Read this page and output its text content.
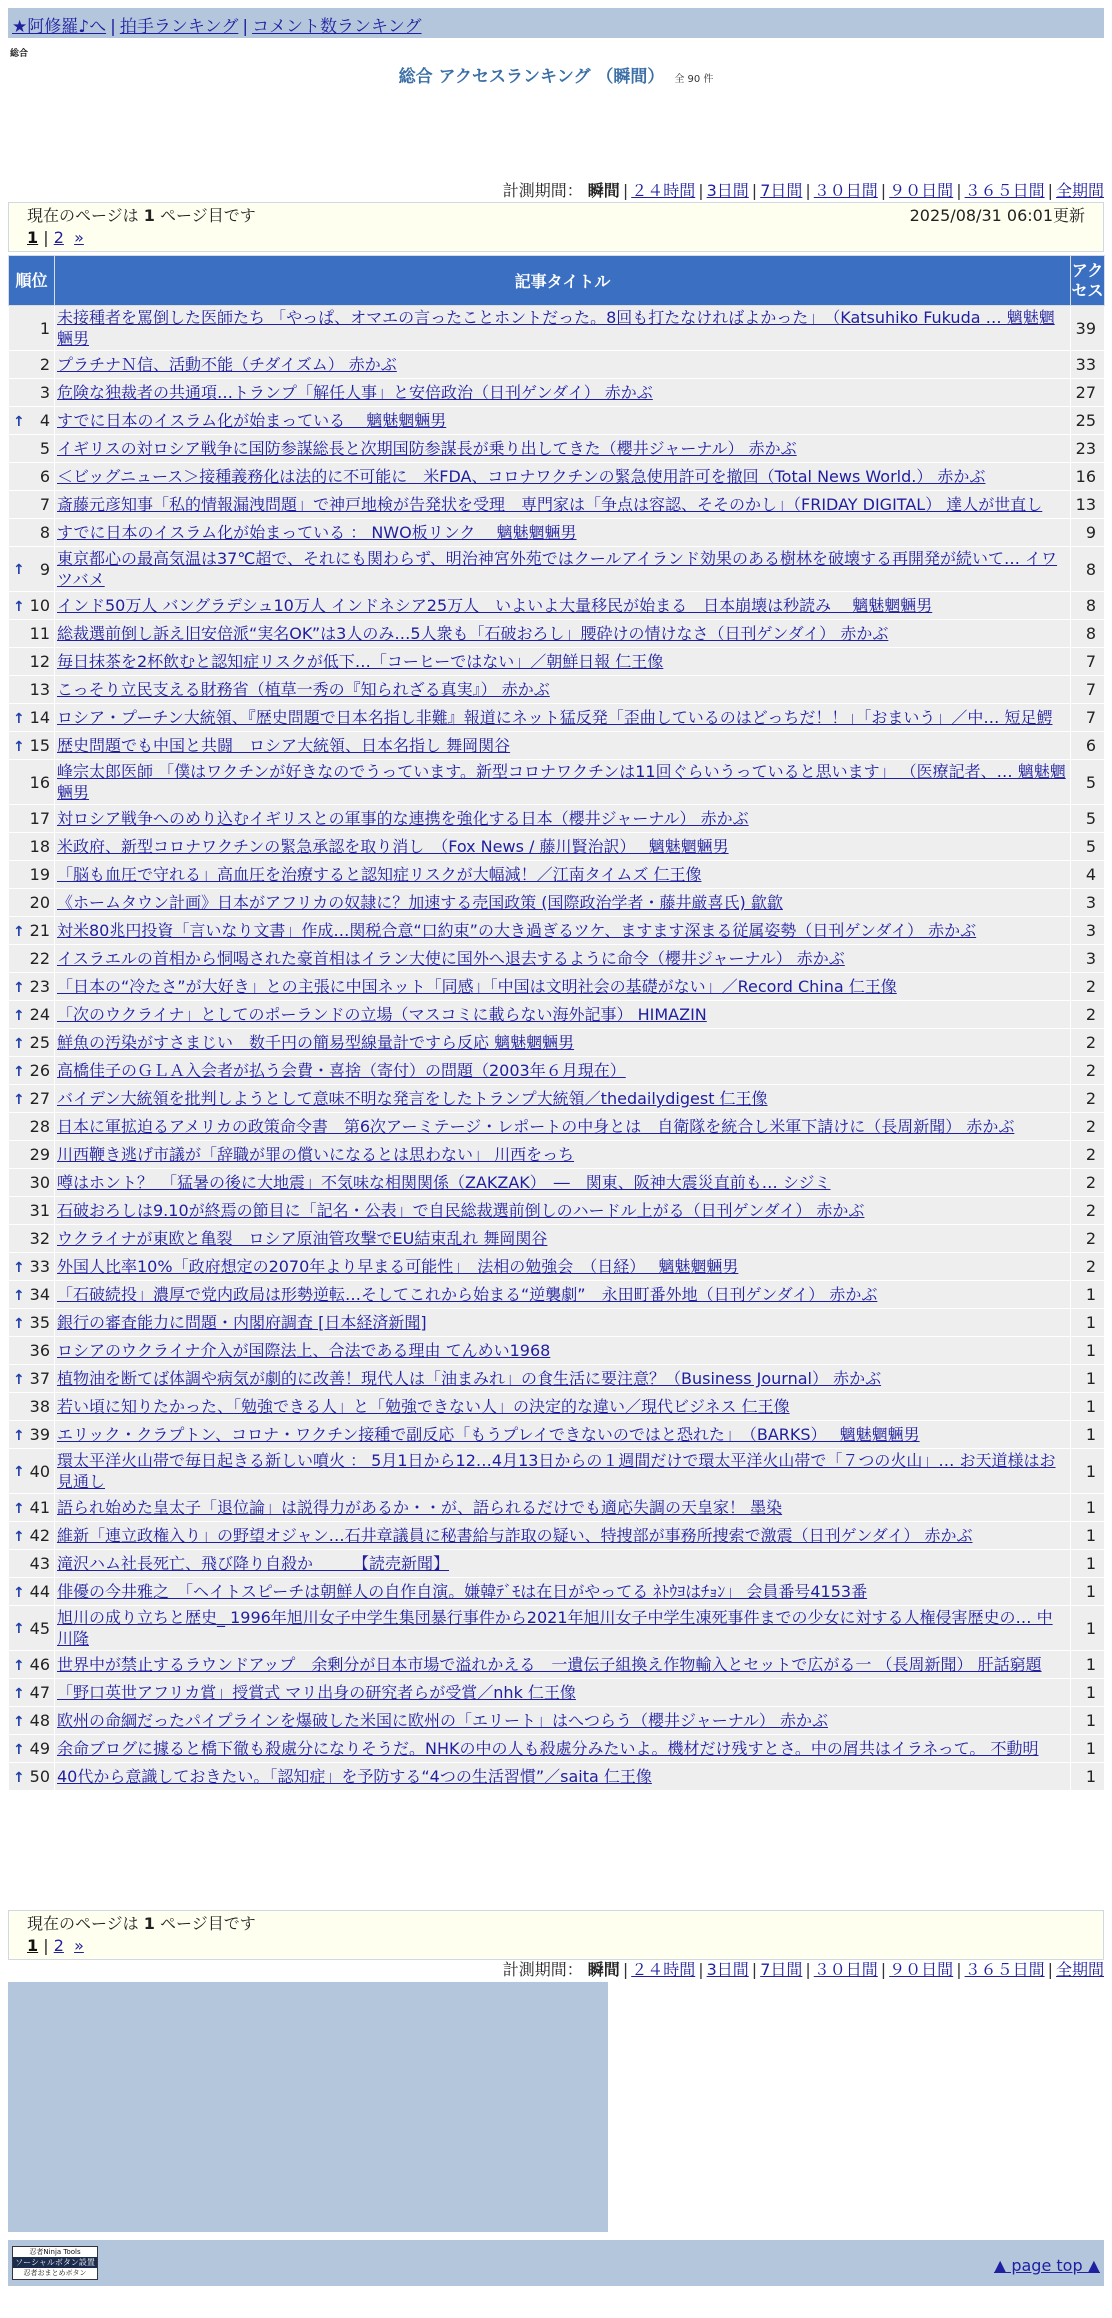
★阿修羅♪へ | 拍手ランキング | コメント数ランキング
総合
総合 アクセスランキング （瞬間） 全 90 件
計測期間： 瞬間 | ２４時間 | 3日間 | 7日間 | ３０日間 | ９０日間 | ３６５日間 | 全期間
現在のページは 1 ページ目です	2025/08/31 06:01更新
1 | 2 »
順位	記事タイトル	アクセス
1	未接種者を罵倒した医師たち 「やっぱ、オマエの言ったことホントだった。8回も打たなければよかった」　（Katsuhiko Fukuda … 魑魅魍魎男	39
2	プラチナＮ信、活動不能（チダイズム） 赤かぶ	33
3	危険な独裁者の共通項…トランプ「解任人事」と安倍政治（日刊ゲンダイ） 赤かぶ	27

↑ 4	すでに日本のイスラム化が始まっている　 魑魅魍魎男	25
5	イギリスの対ロシア戦争に国防参謀総長と次期国防参謀長が乗り出してきた（櫻井ジャーナル） 赤かぶ	23
6	＜ビッグニュース＞接種義務化は法的に不可能に　米FDA、コロナワクチンの緊急使用許可を撤回（Total News World.） 赤かぶ	16
7	斎藤元彦知事「私的情報漏洩問題」で神戸地検が告発状を受理　専門家は「争点は容認、そそのかし」（FRIDAY DIGITAL） 達人が世直し	13
8	すでに日本のイスラム化が始まっている ： NWO板リンク　 魑魅魍魎男	9

↑ 9	東京都心の最高気温は37℃超で、それにも関わらず、明治神宮外苑ではクールアイランド効果のある樹林を破壊する再開発が続いて… イワツバメ	8

↑ 10	インド50万人 バングラデシュ10万人 インドネシア25万人　いよいよ大量移民が始まる　日本崩壊は秒読み　 魑魅魍魎男	8
11	総裁選前倒し訴え旧安倍派“実名OK”は3人のみ…5人衆も「石破おろし」腰砕けの情けなさ（日刊ゲンダイ） 赤かぶ	8
12	毎日抹茶を2杯飲むと認知症リスクが低下…「コーヒーではない」／朝鮮日報 仁王像	7
13	こっそり立民支える財務省（植草一秀の『知られざる真実』） 赤かぶ	7

↑ 14	ロシア・プーチン大統領、『歴史問題で日本名指し非難』報道にネット猛反発「歪曲しているのはどっちだ！！」「おまいう」／中… 短足鰐	7

↑ 15	歴史問題でも中国と共闘　ロシア大統領、日本名指し 舞岡関谷	6
16	峰宗太郎医師 「僕はワクチンが好きなのでうっています。新型コロナワクチンは11回ぐらいうっていると思います」 （医療記者、… 魑魅魍魎男	5
17	対ロシア戦争へのめり込むイギリスとの軍事的な連携を強化する日本（櫻井ジャーナル） 赤かぶ	5
18	米政府、新型コロナワクチンの緊急承認を取り消し　（Fox News / 藤川賢治訳）　 魑魅魍魎男	5
19	「脳も血圧で守れる」高血圧を治療すると認知症リスクが大幅減！／江南タイムズ 仁王像	4
20	《ホームタウン計画》日本がアフリカの奴隷に？加速する売国政策 (国際政治学者・藤井厳喜氏) 歙歙	3

↑ 21	対米80兆円投資「言いなり文書」作成…関税合意“口約束”の大き過ぎるツケ、ますます深まる従属姿勢（日刊ゲンダイ） 赤かぶ	3
22	イスラエルの首相から恫喝された豪首相はイラン大使に国外へ退去するように命令（櫻井ジャーナル） 赤かぶ	3

↑ 23	「日本の“冷たさ”が大好き」との主張に中国ネット「同感」「中国は文明社会の基礎がない」／Record China 仁王像	2

↑ 24	「次のウクライナ」としてのポーランドの立場（マスコミに載らない海外記事） HIMAZIN	2

↑ 25	鮮魚の汚染がすさまじい　数千円の簡易型線量計ですら反応 魑魅魍魎男	2

↑ 26	高橋佳子のＧＬＡ入会者が払う会費・喜捨（寄付）の問題（2003年６月現在）	2

↑ 27	バイデン大統領を批判しようとして意味不明な発言をしたトランプ大統領／thedailydigest 仁王像	2
28	日本に軍拡迫るアメリカの政策命令書　第6次アーミテージ・レポートの中身とは　自衛隊を統合し米軍下請けに（長周新聞） 赤かぶ	2
29	川西鞭き逃げ市議が「辞職が罪の償いになるとは思わない」 川西をっち	2
30	噂はホント？　「猛暑の後に大地震」不気味な相関関係（ZAKZAK）　―　関東、阪神大震災直前も… シジミ	2
31	石破おろしは9.10が終焉の節目に「記名・公表」で自民総裁選前倒しのハードル上がる（日刊ゲンダイ） 赤かぶ	2
32	ウクライナが東欧と亀裂　ロシア原油管攻撃でEU結束乱れ 舞岡関谷	2

↑ 33	外国人比率10%「政府想定の2070年より早まる可能性」　法相の勉強会　（日経）　 魑魅魍魎男	2

↑ 34	「石破続投」濃厚で党内政局は形勢逆転…そしてこれから始まる“逆襲劇”　永田町番外地（日刊ゲンダイ） 赤かぶ	1

↑ 35	銀行の審査能力に問題・内閣府調査 [日本経済新聞]	1
36	ロシアのウクライナ介入が国際法上、合法である理由 てんめい1968	1

↑ 37	植物油を断てば体調や病気が劇的に改善！現代人は「油まみれ」の食生活に要注意？（Business Journal） 赤かぶ	1
38	若い頃に知りたかった、「勉強できる人」と「勉強できない人」の決定的な違い／現代ビジネス 仁王像	1

↑ 39	エリック・クラプトン、コロナ・ワクチン接種で副反応「もうプレイできないのではと恐れた」　（BARKS）　 魑魅魍魎男	1

↑ 40	環太平洋火山帯で毎日起きる新しい噴火 ： 5月1日から12…4月13日からの１週間だけで環太平洋火山帯で「７つの火山」… お天道様はお見通し	1

↑ 41	語られ始めた皇太子「退位論」は説得力があるか・・が、語られるだけでも適応失調の天皇家！ 墨染	1

↑ 42	維新「連立政権入り」の野望オジャン…石井章議員に秘書給与詐取の疑い、特捜部が事務所捜索で激震（日刊ゲンダイ） 赤かぶ	1
43	滝沢ハム社長死亡、飛び降り自殺か　　　【読売新聞】	1

↑ 44	俳優の今井雅之　「ヘイトスピーチは朝鮮人の自作自演。嫌韓ﾃﾞﾓは在日がやってる ﾈﾄｳﾖはﾁｮﾝ」 会員番号4153番	1

↑ 45	旭川の成り立ちと歴史_ 1996年旭川女子中学生集団暴行事件から2021年旭川女子中学生凍死事件までの少女に対する人権侵害歴史の… 中川隆	1

↑ 46	世界中が禁止するラウンドアップ　余剰分が日本市場で溢れかえる　一遺伝子組換え作物輸入とセットで広がる一 （長周新聞） 肝話窮題	1

↑ 47	「野口英世アフリカ賞」授賞式 マリ出身の研究者らが受賞／nhk 仁王像	1

↑ 48	欧州の命綱だったパイプラインを爆破した米国に欧州の「エリート」はへつらう（櫻井ジャーナル） 赤かぶ	1

↑ 49	余命ブログに據ると橋下徹も殺處分になりそうだ。NHKの中の人も殺處分みたいよ。機材だけ残すとさ。中の屑共はイラネって。 不動明	1

↑ 50	40代から意識しておきたい。「認知症」を予防する“4つの生活習慣”／saita 仁王像	1
計測期間： 瞬間 | ２４時間 | 3日間 | 7日間 | ３０日間 | ９０日間 | ３６５日間 | 全期間
現在のページは 1 ページ目です
1 | 2 »
忍者Ninja Tools
ソーシャルボタン設置
忍者おまとめボタン	▲ page top ▲
